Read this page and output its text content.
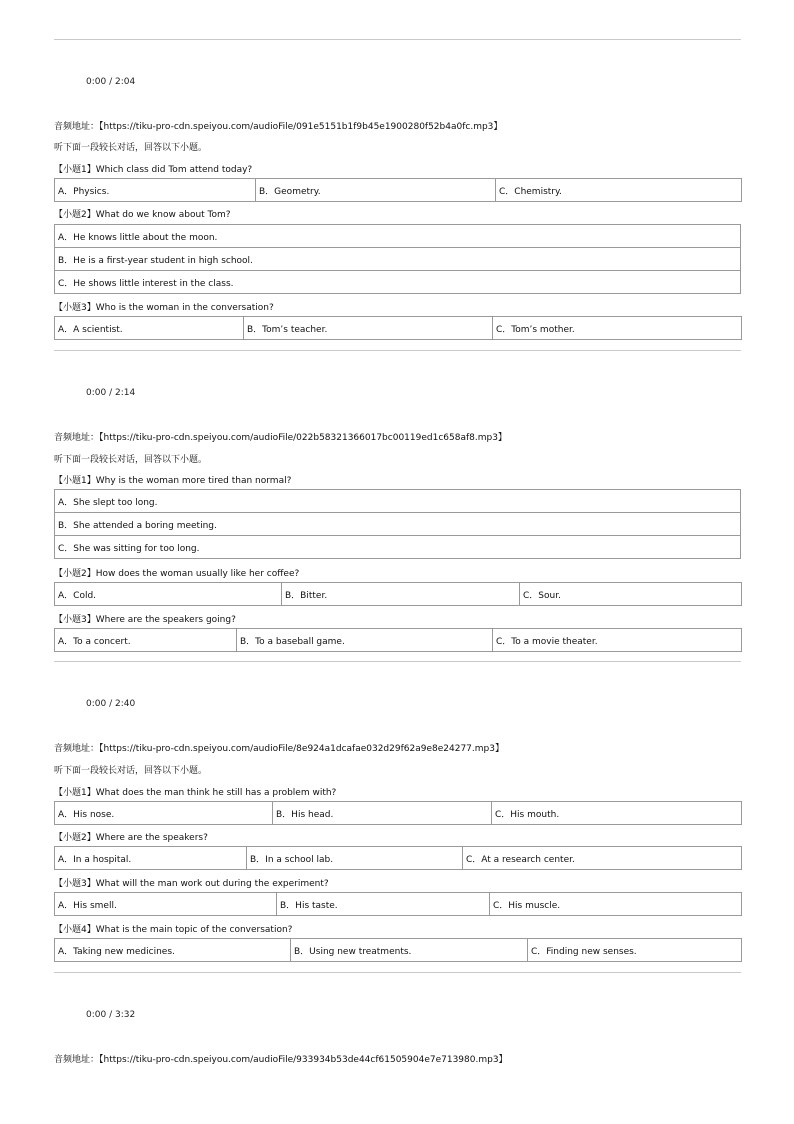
0:00 / 2:04
音频地址：【https://tiku-pro-cdn.speiyou.com/audioFile/091e5151b1f9b45e1900280f52b4a0fc.mp3】
听下面一段较长对话，回答以下小题。
【小题1】Which class did Tom attend today?
A．Physics.	B．Geometry.	C．Chemistry.
【小题2】What do we know about Tom?
A．He knows little about the moon.
B．He is a first-year student in high school.
C．He shows little interest in the class.
【小题3】Who is the woman in the conversation?
A．A scientist.	B．Tom’s teacher.	C．Tom’s mother.
0:00 / 2:14
音频地址：【https://tiku-pro-cdn.speiyou.com/audioFile/022b58321366017bc00119ed1c658af8.mp3】
听下面一段较长对话，回答以下小题。
【小题1】Why is the woman more tired than normal?
A．She slept too long.
B．She attended a boring meeting.
C．She was sitting for too long.
【小题2】How does the woman usually like her coffee?
A．Cold.	B．Bitter.	C．Sour.
【小题3】Where are the speakers going?
A．To a concert.	B．To a baseball game.	C．To a movie theater.
0:00 / 2:40
音频地址：【https://tiku-pro-cdn.speiyou.com/audioFile/8e924a1dcafae032d29f62a9e8e24277.mp3】
听下面一段较长对话，回答以下小题。
【小题1】What does the man think he still has a problem with?
A．His nose.	B．His head.	C．His mouth.
【小题2】Where are the speakers?
A．In a hospital.	B．In a school lab.	C．At a research center.
【小题3】What will the man work out during the experiment?
A．His smell.	B．His taste.	C．His muscle.
【小题4】What is the main topic of the conversation?
A．Taking new medicines.	B．Using new treatments.	C．Finding new senses.
0:00 / 3:32
音频地址：【https://tiku-pro-cdn.speiyou.com/audioFile/933934b53de44cf61505904e7e713980.mp3】
